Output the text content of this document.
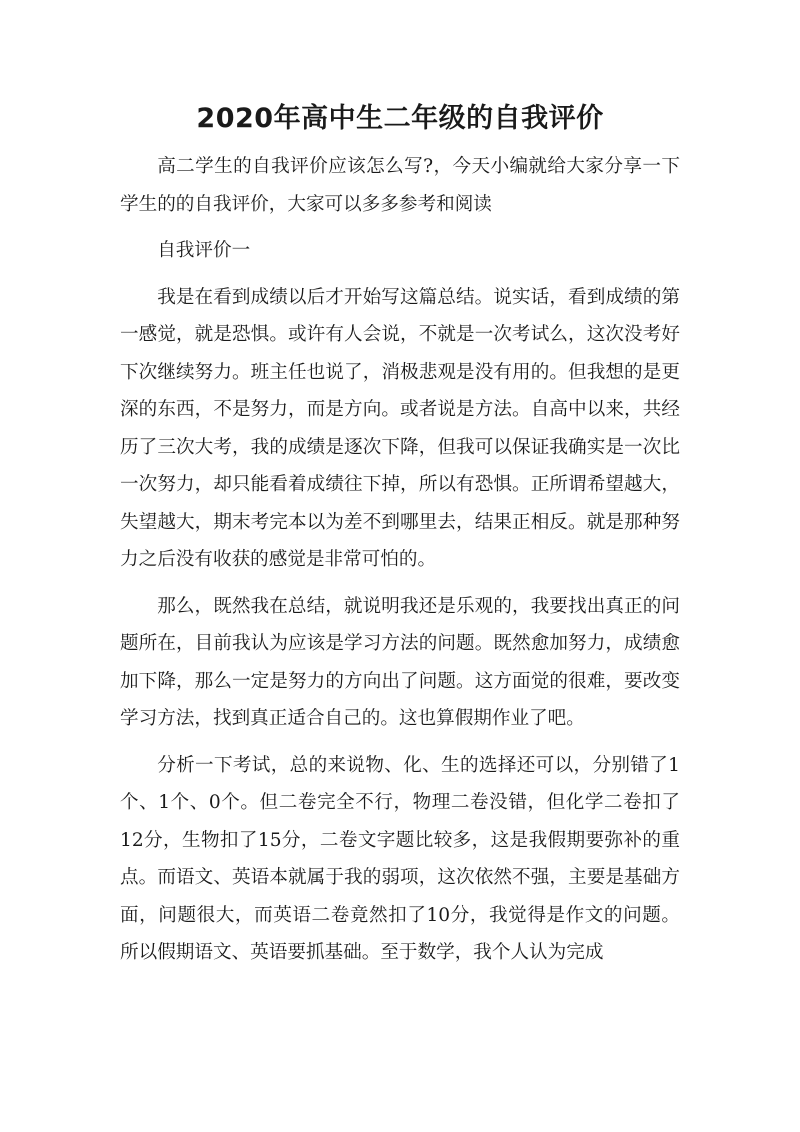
2020年高中生二年级的自我评价

高二学生的自我评价应该怎么写?，今天小编就给大家分享一下学生的的自我评价，大家可以多多参考和阅读

自我评价一

我是在看到成绩以后才开始写这篇总结。说实话，看到成绩的第一感觉，就是恐惧。或许有人会说，不就是一次考试么，这次没考好下次继续努力。班主任也说了，消极悲观是没有用的。但我想的是更深的东西，不是努力，而是方向。或者说是方法。自高中以来，共经历了三次大考，我的成绩是逐次下降，但我可以保证我确实是一次比一次努力，却只能看着成绩往下掉，所以有恐惧。正所谓希望越大，失望越大，期末考完本以为差不到哪里去，结果正相反。就是那种努力之后没有收获的感觉是非常可怕的。

那么，既然我在总结，就说明我还是乐观的，我要找出真正的问题所在，目前我认为应该是学习方法的问题。既然愈加努力，成绩愈加下降，那么一定是努力的方向出了问题。这方面觉的很难，要改变学习方法，找到真正适合自己的。这也算假期作业了吧。

分析一下考试，总的来说物、化、生的选择还可以，分别错了1个、1个、0个。但二卷完全不行，物理二卷没错，但化学二卷扣了12分，生物扣了15分，二卷文字题比较多，这是我假期要弥补的重点。而语文、英语本就属于我的弱项，这次依然不强，主要是基础方面，问题很大，而英语二卷竟然扣了10分，我觉得是作文的问题。所以假期语文、英语要抓基础。至于数学，我个人认为完成
